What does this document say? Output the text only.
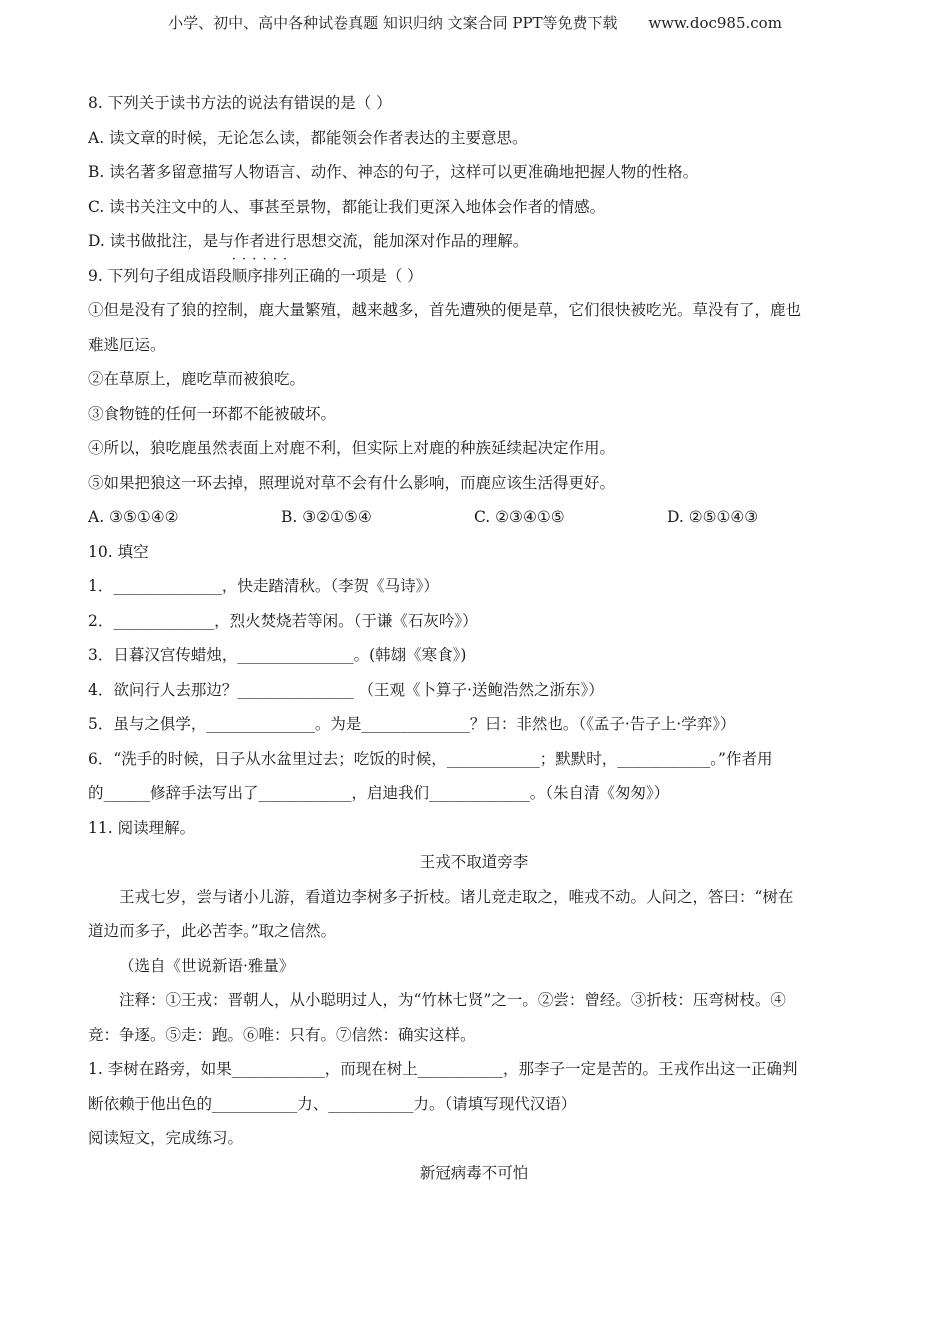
小学、初中、高中各种试卷真题 知识归纳 文案合同 PPT等免费下载 www.doc985.com
8. 下列关于读书方法的说法有错误的是（ ）
A. 读文章的时候，无论怎么读，都能领会作者表达的主要意思。
B. 读名著多留意描写人物语言、动作、神态的句子，这样可以更准确地把握人物的性格。
C. 读书关注文中的人、事甚至景物，都能让我们更深入地体会作者的情感。
D. 读书做批注，是与作者进行思想交流，能加深对作品的理解。
9. 下列句子组成语段· · · 顺序排列正确的一项是（ ）
①但是没有了狼的控制，鹿大量繁殖，越来越多，首先遭殃的便是草，它们很快被吃光。草没有了，鹿也
难逃厄运。
②在草原上，鹿吃草而被狼吃。
③食物链的任何一环都不能被破坏。
④所以，狼吃鹿虽然表面上对鹿不利，但实际上对鹿的种族延续起决定作用。
⑤如果把狼这一环去掉，照理说对草不会有什么影响，而鹿应该生活得更好。
A. ③⑤①④②	B. ③②①⑤④	C. ②③④①⑤	D. ②⑤①④③
10. 填空
1．______________，快走踏清秋。（李贺《马诗》）
2．_____________，烈火焚烧若等闲。（于谦《石灰吟》）
3．日暮汉宫传蜡烛，_______________。(韩翃《寒食》)
4．欲问行人去那边？_______________ （王观《卜算子·送鲍浩然之浙东》）
5．虽与之俱学，______________。为是______________？曰：非然也。（《孟子·告子上·学弈》）
6．“洗手的时候，日子从水盆里过去；吃饭的时候，____________；默默时，____________。”作者用
的______修辞手法写出了____________，启迪我们_____________。（朱自清《匆匆》）
11. 阅读理解。
王戎不取道旁李
王戎七岁，尝与诸小儿游，看道边李树多子折枝。诸儿竞走取之，唯戎不动。人问之，答曰：“树在
道边而多子，此必苦李。”取之信然。
（选自《世说新语·雅量》
注释：①王戎：晋朝人，从小聪明过人，为“竹林七贤”之一。②尝：曾经。③折枝：压弯树枝。④
竞：争逐。⑤走：跑。⑥唯：只有。⑦信然：确实这样。
1. 李树在路旁，如果____________，而现在树上___________，那李子一定是苦的。王戎作出这一正确判
断依赖于他出色的___________力、___________力。（请填写现代汉语）
阅读短文，完成练习。
新冠病毒不可怕
